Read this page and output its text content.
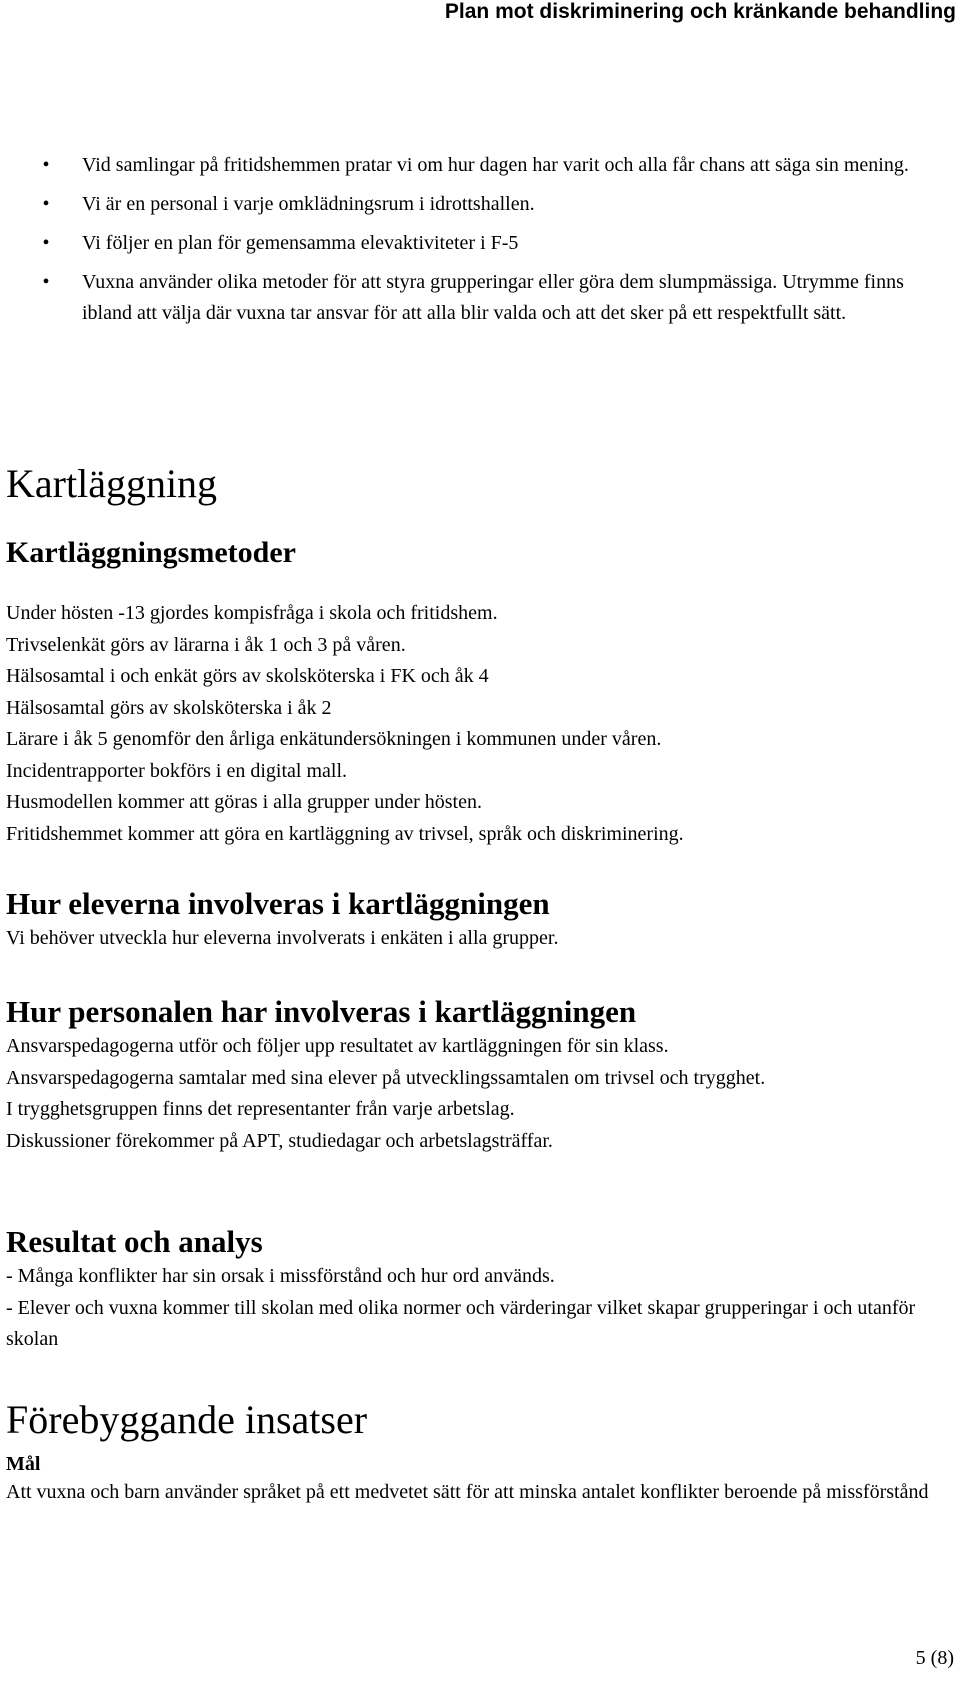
Plan mot diskriminering och kränkande behandling
•	Vid samlingar på fritidshemmen pratar vi om hur dagen har varit och alla får chans att säga sin mening.
•	Vi är en personal i varje omklädningsrum i idrottshallen.
•	Vi följer en plan för gemensamma elevaktiviteter i F-5
•	Vuxna använder olika metoder för att styra grupperingar eller göra dem slumpmässiga. Utrymme finns ibland att välja där vuxna tar ansvar för att alla blir valda och att det sker på ett respektfullt sätt.
Kartläggning
Kartläggningsmetoder

Under hösten -13 gjordes kompisfråga i skola och fritidshem.

Trivselenkät görs av lärarna i åk 1 och 3 på våren.

Hälsosamtal i och enkät görs av skolsköterska i FK och åk 4

Hälsosamtal görs av skolsköterska i åk 2

Lärare i åk 5 genomför den årliga enkätundersökningen i kommunen under våren.

Incidentrapporter bokförs i en digital mall.

Husmodellen kommer att göras i alla grupper under hösten.

Fritidshemmet kommer att göra en kartläggning av trivsel, språk och diskriminering.

Hur eleverna involveras i kartläggningen

Vi behöver utveckla hur eleverna involverats i enkäten i alla grupper.

Hur personalen har involveras i kartläggningen

Ansvarspedagogerna utför och följer upp resultatet av kartläggningen för sin klass.

Ansvarspedagogerna samtalar med sina elever på utvecklingssamtalen om trivsel och trygghet.

I trygghetsgruppen finns det representanter från varje arbetslag.

Diskussioner förekommer på APT, studiedagar och arbetslagsträffar.

Resultat och analys

- Många konflikter har sin orsak i missförstånd och hur ord används.

- Elever och vuxna kommer till skolan med olika normer och värderingar vilket skapar grupperingar i och utanför skolan

Förebyggande insatser
Mål

Att vuxna och barn använder språket på ett medvetet sätt för att minska antalet konflikter beroende på missförstånd

5 (8)
